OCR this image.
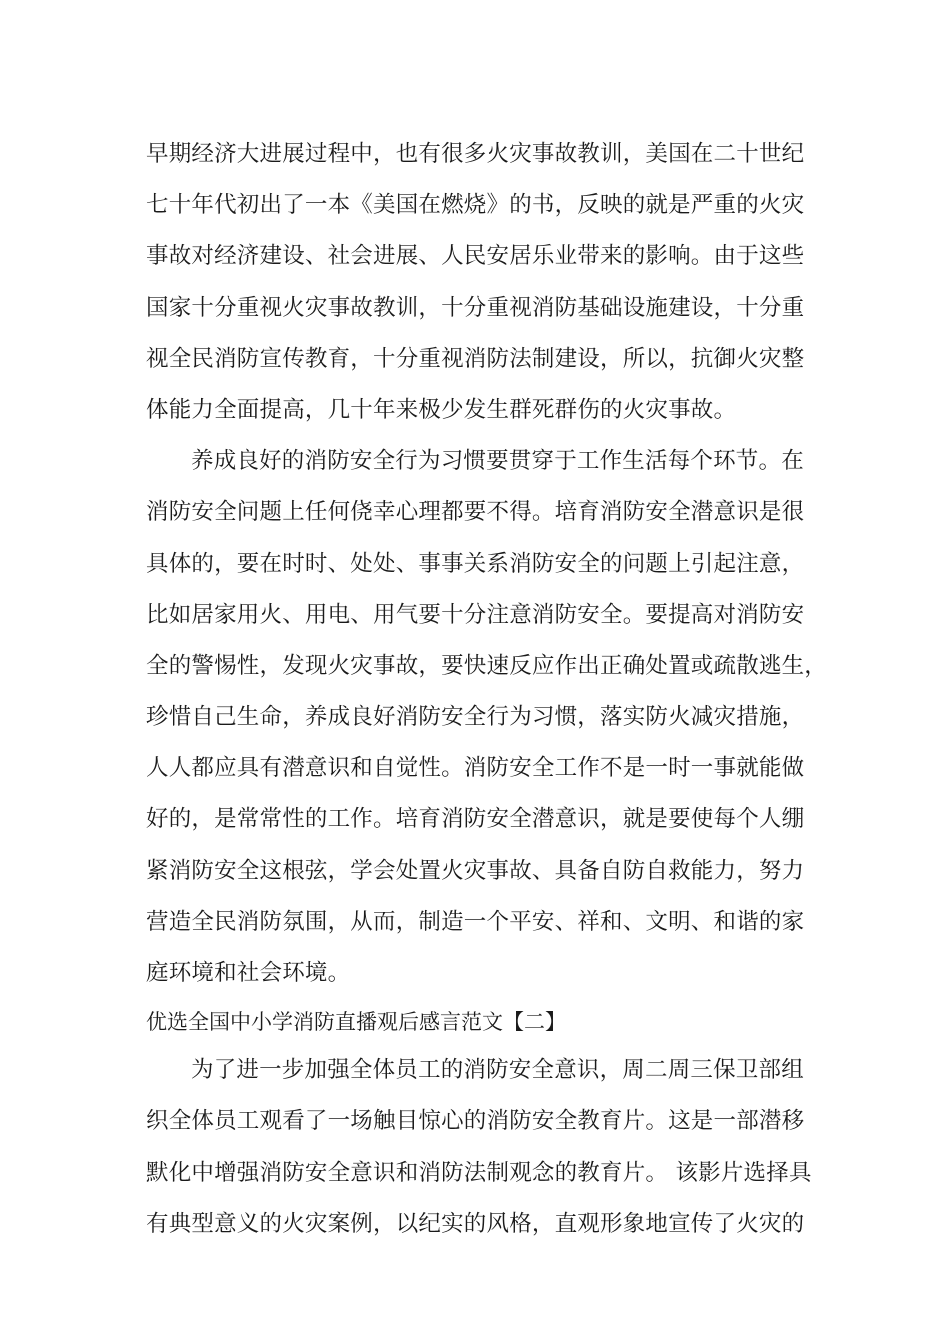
早期经济大进展过程中，也有很多火灾事故教训，美国在二十世纪
七十年代初出了一本《美国在燃烧》的书，反映的就是严重的火灾
事故对经济建设、社会进展、人民安居乐业带来的影响。由于这些
国家十分重视火灾事故教训，十分重视消防基础设施建设，十分重
视全民消防宣传教育，十分重视消防法制建设，所以，抗御火灾整
体能力全面提高，几十年来极少发生群死群伤的火灾事故。
养成良好的消防安全行为习惯要贯穿于工作生活每个环节。在
消防安全问题上任何侥幸心理都要不得。培育消防安全潜意识是很
具体的，要在时时、处处、事事关系消防安全的问题上引起注意，
比如居家用火、用电、用气要十分注意消防安全。要提高对消防安
全的警惕性，发现火灾事故，要快速反应作出正确处置或疏散逃生，
珍惜自己生命，养成良好消防安全行为习惯，落实防火减灾措施，
人人都应具有潜意识和自觉性。消防安全工作不是一时一事就能做
好的，是常常性的工作。培育消防安全潜意识，就是要使每个人绷
紧消防安全这根弦，学会处置火灾事故、具备自防自救能力，努力
营造全民消防氛围，从而，制造一个平安、祥和、文明、和谐的家
庭环境和社会环境。
优选全国中小学消防直播观后感言范文【二】
为了进一步加强全体员工的消防安全意识，周二周三保卫部组
织全体员工观看了一场触目惊心的消防安全教育片。这是一部潜移
默化中增强消防安全意识和消防法制观念的教育片。 该影片选择具
有典型意义的火灾案例，以纪实的风格，直观形象地宣传了火灾的
